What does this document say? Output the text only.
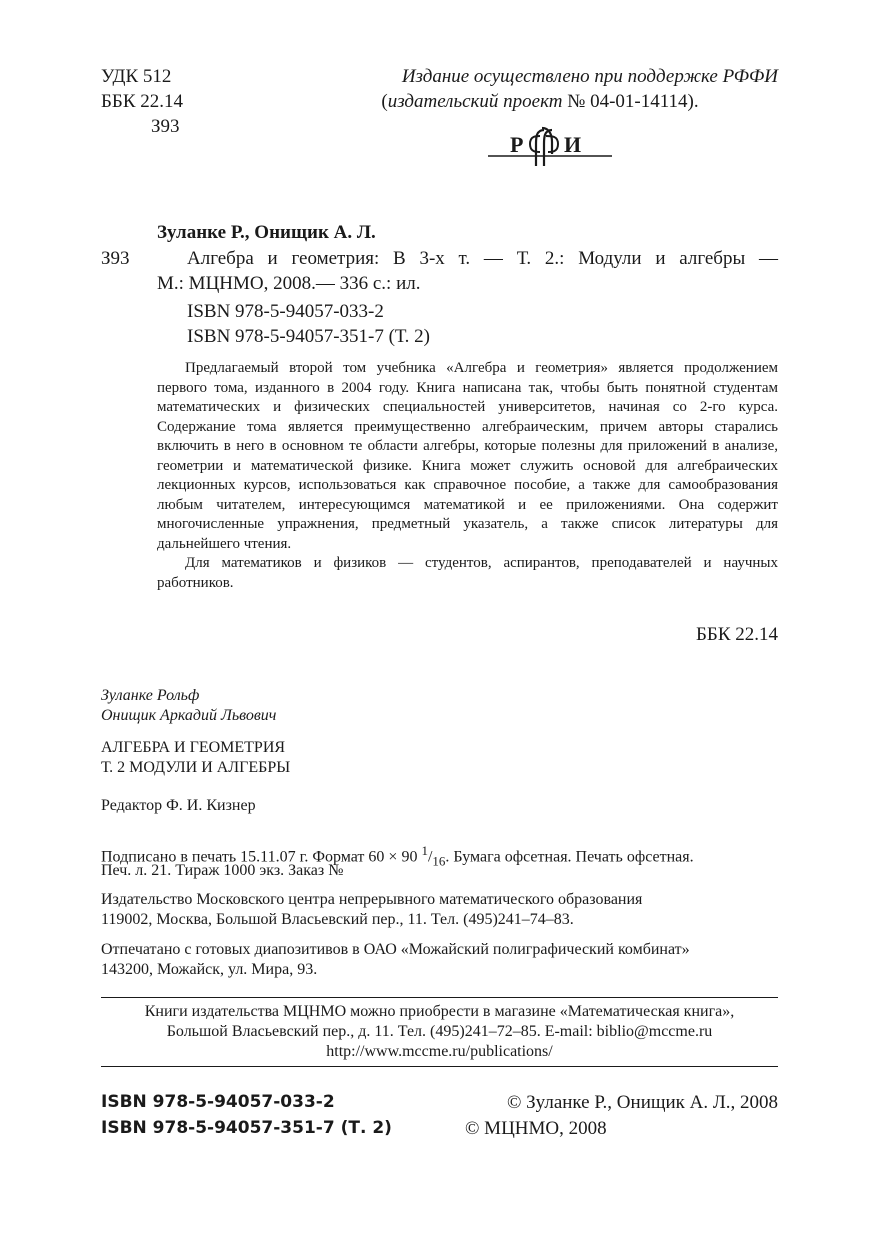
УДК 512
ББК 22.14
З93
Издание осуществлено при поддержке РФФИ
(издательский проект № 04-01-14114).
Р И
РФФИ
Зуланке Р., Онищик А. Л.
З93	Алгебра и геометрия: В 3-х т. — Т. 2.: Модули и алгебры —
М.: МЦНМО, 2008.— 336 с.: ил.
ISBN 978-5-94057-033-2
ISBN 978-5-94057-351-7 (Т. 2)
Предлагаемый второй том учебника «Алгебра и геометрия» является продолжением первого тома, изданного в 2004 году. Книга написана так, чтобы быть понятной студентам математических и физических специальностей университетов, начиная со 2-го курса. Содержание тома является преимущественно алгебраическим, причем авторы старались включить в него в основном те области алгебры, которые полезны для приложений в анализе, геометрии и математической физике. Книга может служить основой для алгебраических лекционных курсов, использоваться как справочное пособие, а также для самообразования любым читателем, интересующимся математикой и ее приложениями. Она содержит многочисленные упражнения, предметный указатель, а также список литературы для дальнейшего чтения.
Для математиков и физиков — студентов, аспирантов, преподавателей и научных работников.
ББК 22.14
Зуланке Рольф
Онищик Аркадий Львович
АЛГЕБРА И ГЕОМЕТРИЯ
Т. 2 МОДУЛИ И АЛГЕБРЫ
Редактор Ф. И. Кизнер
Подписано в печать 15.11.07 г. Формат 60 × 90 $^1/_{16}$. Бумага офсетная. Печать офсетная.
Печ. л. 21. Тираж 1000 экз. Заказ №
Издательство Московского центра непрерывного математического образования
119002, Москва, Большой Власьевский пер., 11. Тел. (495)241–74–83.
Отпечатано с готовых диапозитивов в ОАО «Можайский полиграфический комбинат»
143200, Можайск, ул. Мира, 93.
Книги издательства МЦНМО можно приобрести в магазине «Математическая книга»,
Большой Власьевский пер., д. 11. Тел. (495)241–72–85. E-mail: biblio@mccme.ru
http://www.mccme.ru/publications/
ISBN 978-5-94057-033-2
ISBN 978-5-94057-351-7 (Т. 2)
© Зуланке Р., Онищик А. Л., 2008
© МЦНМО, 2008
